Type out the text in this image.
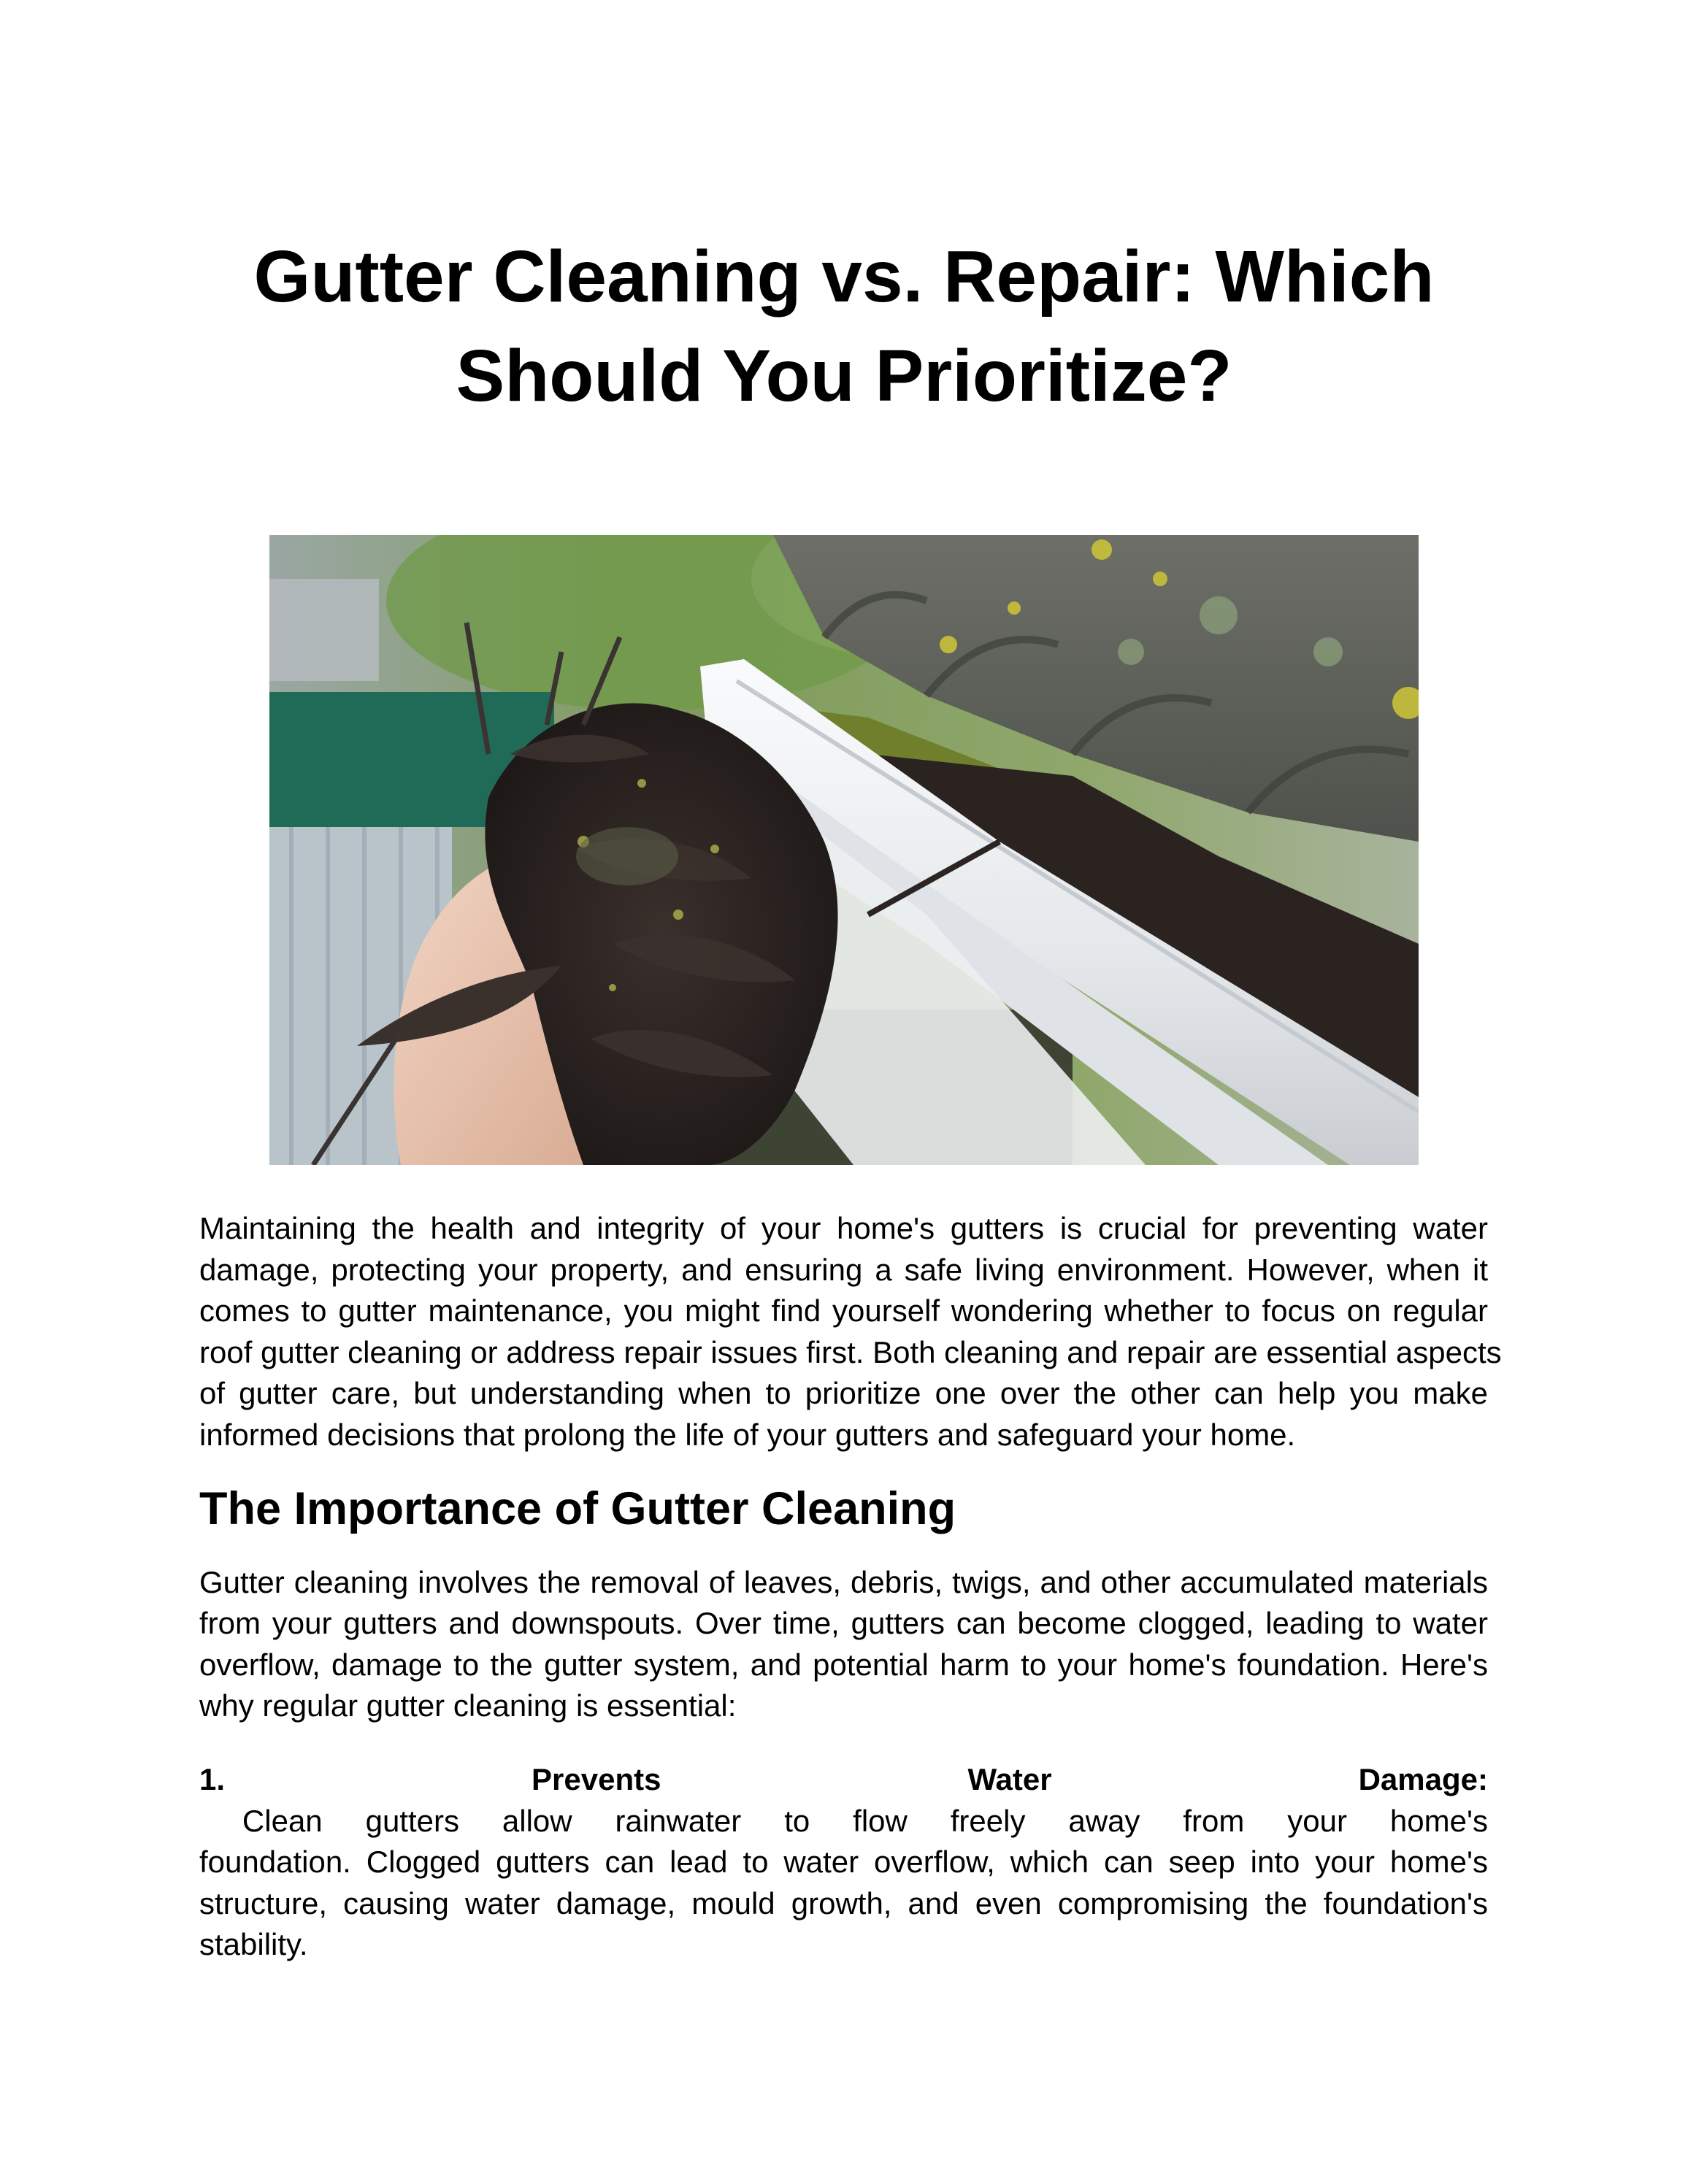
Gutter Cleaning vs. Repair: Which
Should You Prioritize?

Maintaining the health and integrity of your home's gutters is crucial for preventing water
damage, protecting your property, and ensuring a safe living environment. However, when it
comes to gutter maintenance, you might find yourself wondering whether to focus on regular
roof gutter cleaning or address repair issues first. Both cleaning and repair are essential aspects
of gutter care, but understanding when to prioritize one over the other can help you make
informed decisions that prolong the life of your gutters and safeguard your home.

The Importance of Gutter Cleaning

Gutter cleaning involves the removal of leaves, debris, twigs, and other accumulated materials
from your gutters and downspouts. Over time, gutters can become clogged, leading to water
overflow, damage to the gutter system, and potential harm to your home's foundation. Here's
why regular gutter cleaning is essential:

1. Prevents Water Damage: Clean gutters allow rainwater to flow freely away from your home's
foundation. Clogged gutters can lead to water overflow, which can seep into your home's
structure, causing water damage, mould growth, and even compromising the foundation's
stability.
